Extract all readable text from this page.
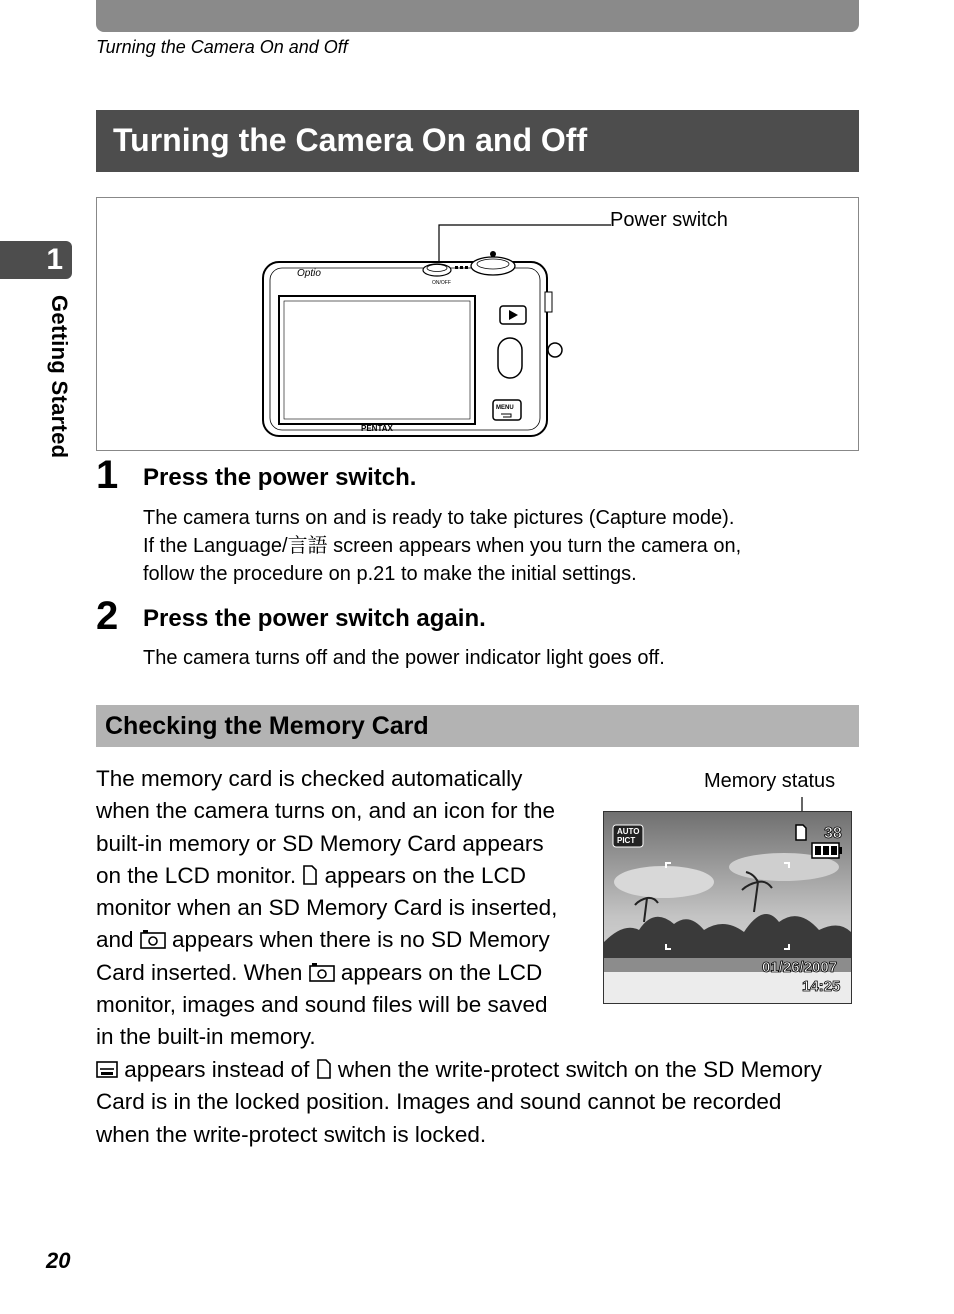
Turning the Camera On and Off
Turning the Camera On and Off
1
Getting Started
ON/OFF
Optio
MENU
PENTAX
Power switch
1 Press the power switch.
The camera turns on and is ready to take pictures (Capture mode).
If the Language/言語 screen appears when you turn the camera on,
follow the procedure on p.21 to make the initial settings.
2 Press the power switch again.
The camera turns off and the power indicator light goes off.
Checking the Memory Card
The memory card is checked automatically
when the camera turns on, and an icon for the
built-in memory or SD Memory Card appears
on the LCD monitor.  appears on the LCD
monitor when an SD Memory Card is inserted,
and  appears when there is no SD Memory
Card inserted. When  appears on the LCD
monitor, images and sound files will be saved
in the built-in memory.
appears instead of  when the write-protect switch on the SD Memory
Card is in the locked position. Images and sound cannot be recorded
when the write-protect switch is locked.
Memory status
AUTO
PICT	38
01/26/2007
14:25
20
